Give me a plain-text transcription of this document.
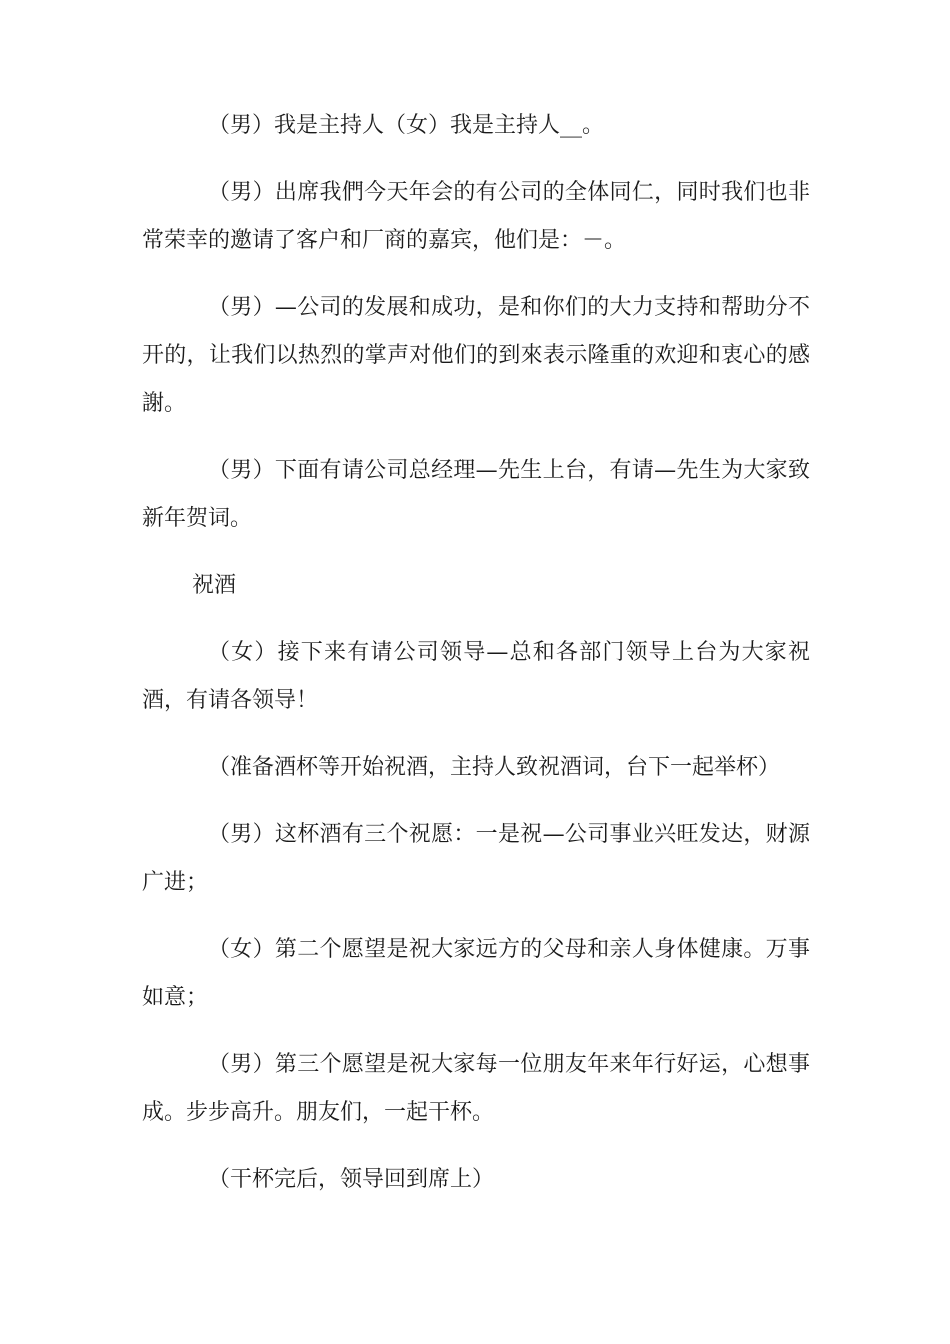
（男）我是主持人（女）我是主持人__。

（男）出席我們今天年会的有公司的全体同仁，同时我们也非常荣幸的邀请了客户和厂商的嘉宾，他们是：－。

（男）—公司的发展和成功，是和你们的大力支持和帮助分不开的，让我们以热烈的掌声对他们的到來表示隆重的欢迎和衷心的感謝。

（男）下面有请公司总经理—先生上台，有请—先生为大家致新年贺词。

祝酒

（女）接下来有请公司领导—总和各部门领导上台为大家祝酒，有请各领导！

（准备酒杯等开始祝酒，主持人致祝酒词，台下一起举杯）

（男）这杯酒有三个祝愿：一是祝—公司事业兴旺发达，财源广进；

（女）第二个愿望是祝大家远方的父母和亲人身体健康。万事如意；

（男）第三个愿望是祝大家每一位朋友年来年行好运，心想事成。步步高升。朋友们，一起干杯。

（干杯完后，领导回到席上）
